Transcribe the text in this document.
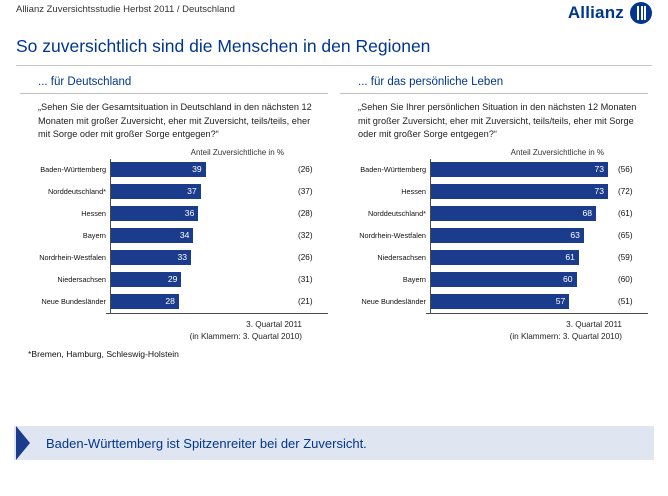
Allianz Zuversichtsstudie Herbst 2011 / Deutschland	Allianz
So zuversichtlich sind die Menschen in den Regionen
... für Deutschland
„Sehen Sie der Gesamtsituation in Deutschland in den nächsten 12 Monaten mit großer Zuversicht, eher mit Zuversicht, teils/teils, eher mit Sorge oder mit großer Sorge entgegen?“
Anteil Zuversichtliche in %
Baden-Württemberg	39	(26)
Norddeutschland*	37	(37)
Hessen	36	(28)
Bayern	34	(32)
Nordrhein-Westfalen	33	(26)
Niedersachsen	29	(31)
Neue Bundesländer	28	(21)
3. Quartal 2011
(in Klammern: 3. Quartal 2010)
*Bremen, Hamburg, Schleswig-Holstein
... für das persönliche Leben
„Sehen Sie Ihrer persönlichen Situation in den nächsten 12 Monaten mit großer Zuversicht, eher mit Zuversicht, teils/teils, eher mit Sorge oder mit großer Sorge entgegen?“
Anteil Zuversichtliche in %
Baden-Württemberg	73	(56)
Hessen	73	(72)
Norddeutschland*	68	(61)
Nordrhein-Westfalen	63	(65)
Niedersachsen	61	(59)
Bayern	60	(60)
Neue Bundesländer	57	(51)
3. Quartal 2011
(in Klammern: 3. Quartal 2010)
Baden-Württemberg ist Spitzenreiter bei der Zuversicht.
